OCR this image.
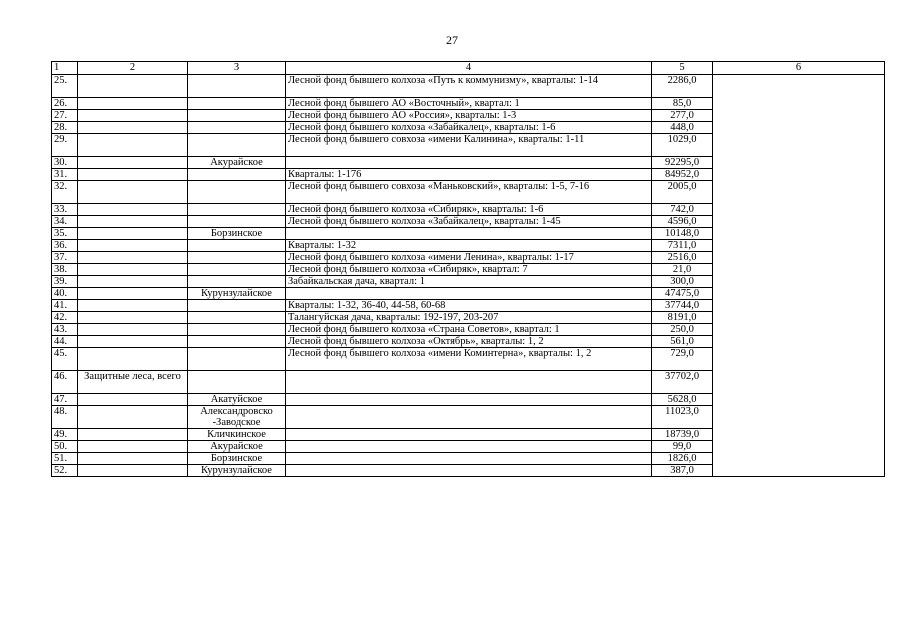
27
1	2	3	4	5	6
25.			Лесной фонд бывшего колхоза «Путь к коммунизму», кварталы: 1-14	2286,0	
26.			Лесной фонд бывшего АО «Восточный», квартал: 1	85,0	
27.			Лесной фонд бывшего АО «Россия», кварталы: 1-3	277,0	
28.			Лесной фонд бывшего колхоза «Забайкалец», кварталы: 1-6	448,0	
29.			Лесной фонд бывшего совхоза «имени Калинина», кварталы: 1-11	1029,0	
30.		Акурайское		92295,0	
31.			Кварталы: 1-176	84952,0	
32.			Лесной фонд бывшего совхоза «Маньковский», кварталы: 1-5, 7-16	2005,0	
33.			Лесной фонд бывшего колхоза «Сибиряк», кварталы: 1-6	742,0	
34.			Лесной фонд бывшего колхоза «Забайкалец», кварталы: 1-45	4596,0	
35.		Борзинское		10148,0	
36.			Кварталы: 1-32	7311,0	
37.			Лесной фонд бывшего колхоза «имени Ленина», кварталы: 1-17	2516,0	
38.			Лесной фонд бывшего колхоза «Сибиряк», квартал: 7	21,0	
39.			Забайкальская дача, квартал: 1	300,0	
40.		Курунзулайское		47475,0	
41.			Кварталы: 1-32, 36-40, 44-58, 60-68	37744,0	
42.			Талангуйская дача, кварталы: 192-197, 203-207	8191,0	
43.			Лесной фонд бывшего колхоза «Страна Советов», квартал: 1	250,0	
44.			Лесной фонд бывшего колхоза «Октябрь», кварталы: 1, 2	561,0	
45.			Лесной фонд бывшего колхоза «имени Коминтерна», кварталы: 1, 2	729,0	
46.	Защитные леса, всего			37702,0	
47.		Акатуйское		5628,0	
48.		Александровско -Заводское		11023,0	
49.		Кличкинское		18739,0	
50.		Акурайское		99,0	
51.		Борзинское		1826,0	
52.		Курунзулайское		387,0	
